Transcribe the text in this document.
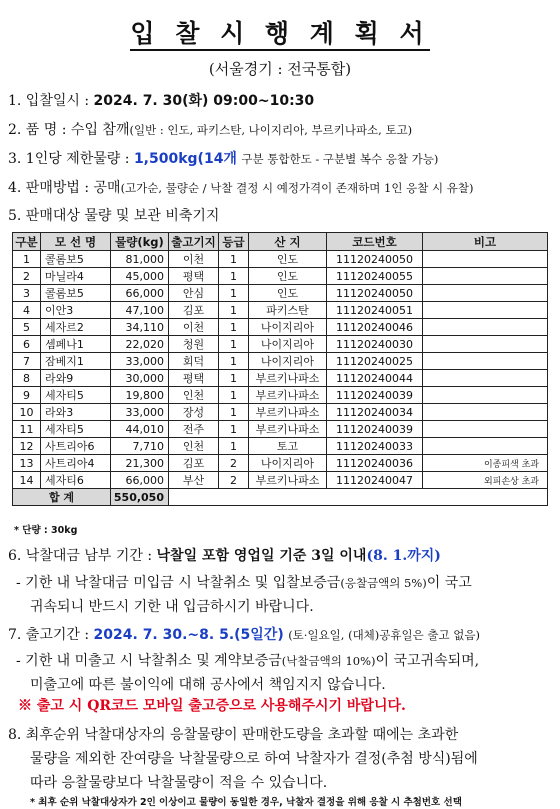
입 찰 시 행 계 획 서
(서울경기 : 전국통합)
1. 입찰일시 : 2024. 7. 30(화) 09:00~10:30
2. 품 명 : 수입 참깨(일반 : 인도, 파키스탄, 나이지리아, 부르키나파소, 토고)
3. 1인당 제한물량 : 1,500kg(14개 구분 통합한도 - 구분별 복수 응찰 가능)
4. 판매방법 : 공매(고가순, 물량순 / 낙찰 결정 시 예정가격이 존재하며 1인 응찰 시 유찰)
5. 판매대상 물량 및 보관 비축기지
구분	모 선 명	물량(kg)	출고기지	등급	산 지	코드번호	비고
1	콜롬보5	81,000	이천	1	인도	11120240050	
2	마닐라4	45,000	평택	1	인도	11120240055	
3	콜롬보5	66,000	안심	1	인도	11120240050	
4	이안3	47,100	김포	1	파키스탄	11120240051	
5	세자르2	34,110	이천	1	나이지리아	11120240046	
6	셈페나1	22,020	청원	1	나이지리아	11120240030	
7	잠베지1	33,000	회덕	1	나이지리아	11120240025	
8	라와9	30,000	평택	1	부르키나파소	11120240044	
9	세자티5	19,800	인천	1	부르키나파소	11120240039	
10	라와3	33,000	장성	1	부르키나파소	11120240034	
11	세자티5	44,010	전주	1	부르키나파소	11120240039	
12	사트리아6	7,710	인천	1	토고	11120240033	
13	사트리아4	21,300	김포	2	나이지리아	11120240036	이종피색 초과
14	세자티6	66,000	부산	2	부르키나파소	11120240047	외피손상 초과
합 계		550,050					
* 단량 : 30kg
6. 낙찰대금 남부 기간 : 낙찰일 포함 영업일 기준 3일 이내(8. 1.까지)
- 기한 내 낙찰대금 미입금 시 낙찰취소 및 입찰보증금(응찰금액의 5%)이 국고
귀속되니 반드시 기한 내 입금하시기 바랍니다.
7. 출고기간 : 2024. 7. 30.~8. 5.(5일간) (토·일요일, (대체)공휴일은 출고 없음)
- 기한 내 미출고 시 낙찰취소 및 계약보증금(낙찰금액의 10%)이 국고귀속되며,
미출고에 따른 불이익에 대해 공사에서 책임지지 않습니다.
※ 출고 시 QR코드 모바일 출고증으로 사용해주시기 바랍니다.
8. 최후순위 낙찰대상자의 응찰물량이 판매한도량을 초과할 때에는 초과한
물량을 제외한 잔여량을 낙찰물량으로 하여 낙찰자가 결정(추첨 방식)됨에
따라 응찰물량보다 낙찰물량이 적을 수 있습니다.
* 최후 순위 낙찰대상자가 2인 이상이고 물량이 동일한 경우, 낙찰자 결정을 위해 응찰 시 추첨번호 선택
